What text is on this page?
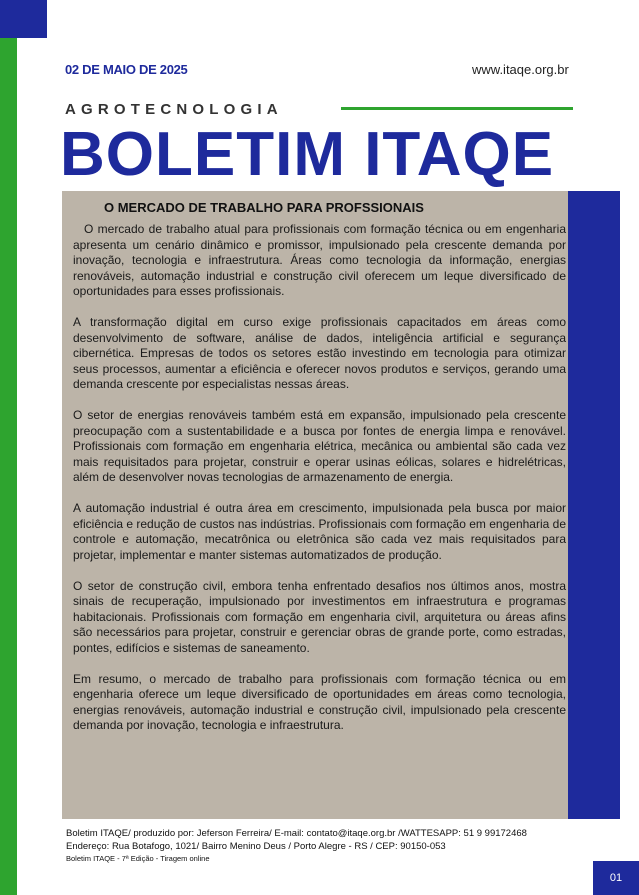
02 DE MAIO DE 2025	www.itaqe.org.br
AGROTECNOLOGIA
BOLETIM ITAQE
O MERCADO DE TRABALHO PARA PROFSSIONAIS

O mercado de trabalho atual para profissionais com formação técnica ou em engenharia apresenta um cenário dinâmico e promissor, impulsionado pela crescente demanda por inovação, tecnologia e infraestrutura. Áreas como tecnologia da informação, energias renováveis, automação industrial e construção civil oferecem um leque diversificado de oportunidades para esses profissionais.

A transformação digital em curso exige profissionais capacitados em áreas como desenvolvimento de software, análise de dados, inteligência artificial e segurança cibernética. Empresas de todos os setores estão investindo em tecnologia para otimizar seus processos, aumentar a eficiência e oferecer novos produtos e serviços, gerando uma demanda crescente por especialistas nessas áreas.

O setor de energias renováveis também está em expansão, impulsionado pela crescente preocupação com a sustentabilidade e a busca por fontes de energia limpa e renovável. Profissionais com formação em engenharia elétrica, mecânica ou ambiental são cada vez mais requisitados para projetar, construir e operar usinas eólicas, solares e hidrelétricas, além de desenvolver novas tecnologias de armazenamento de energia.

A automação industrial é outra área em crescimento, impulsionada pela busca por maior eficiência e redução de custos nas indústrias. Profissionais com formação em engenharia de controle e automação, mecatrônica ou eletrônica são cada vez mais requisitados para projetar, implementar e manter sistemas automatizados de produção.

O setor de construção civil, embora tenha enfrentado desafios nos últimos anos, mostra sinais de recuperação, impulsionado por investimentos em infraestrutura e programas habitacionais. Profissionais com formação em engenharia civil, arquitetura ou áreas afins são necessários para projetar, construir e gerenciar obras de grande porte, como estradas, pontes, edifícios e sistemas de saneamento.

Em resumo, o mercado de trabalho para profissionais com formação técnica ou em engenharia oferece um leque diversificado de oportunidades em áreas como tecnologia, energias renováveis, automação industrial e construção civil, impulsionado pela crescente demanda por inovação, tecnologia e infraestrutura.

Boletim ITAQE/ produzido por: Jeferson Ferreira/ E-mail: contato@itaqe.org.br /WATTESAPP: 51 9 99172468
Endereço: Rua Botafogo, 1021/ Bairro Menino Deus / Porto Alegre - RS / CEP: 90150-053
Boletim ITAQE - 7ª Edição - Tiragem online
01
